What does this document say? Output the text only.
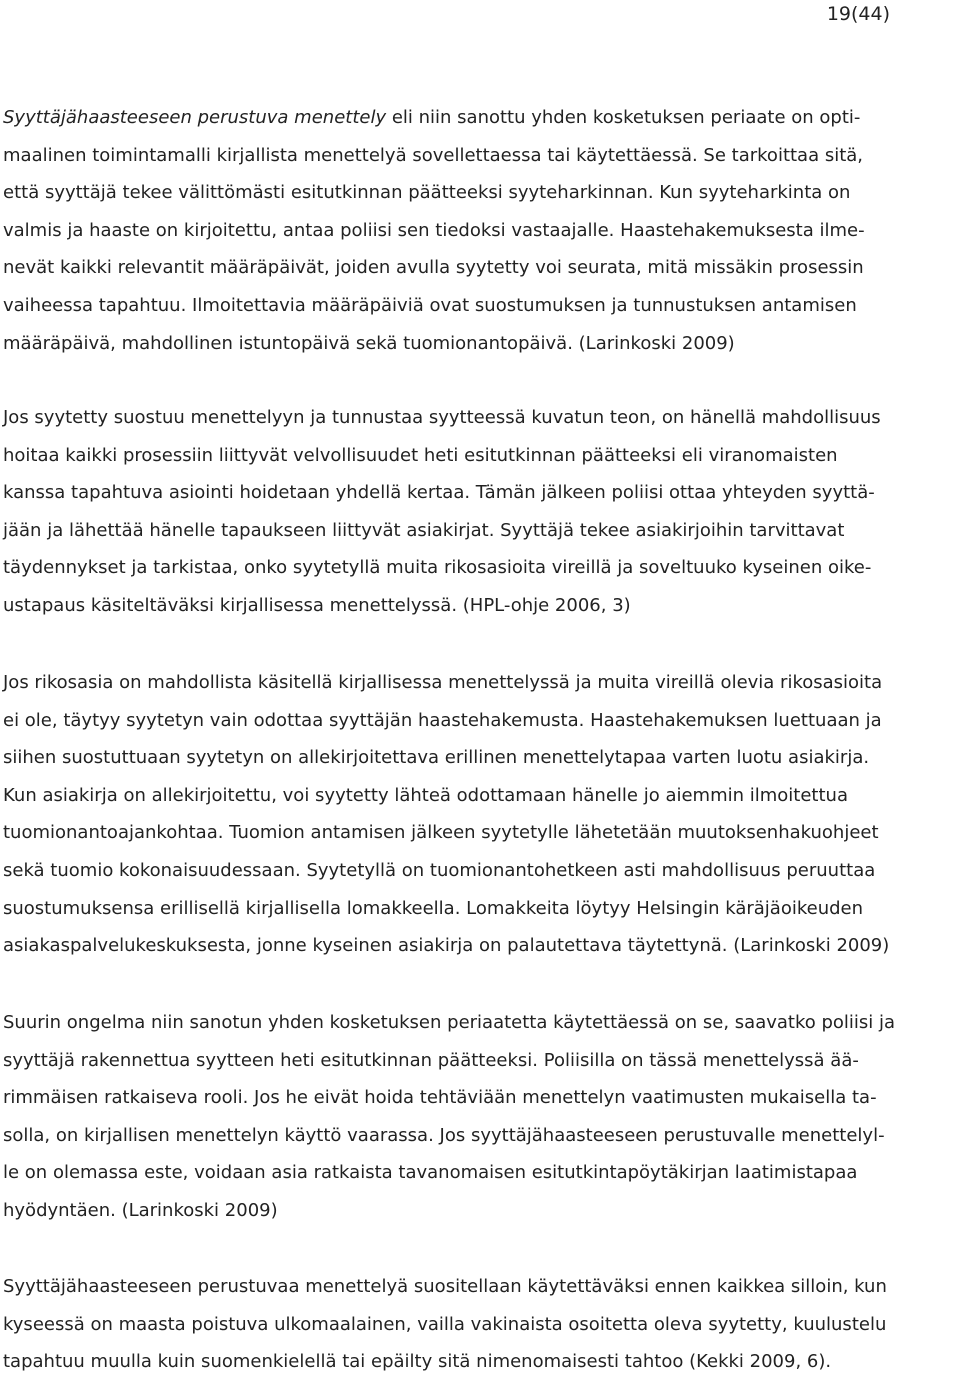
19(44)
Syyttäjähaasteeseen perustuva menettely eli niin sanottu yhden kosketuksen periaate on opti-
maalinen toimintamalli kirjallista menettelyä sovellettaessa tai käytettäessä. Se tarkoittaa sitä,
että syyttäjä tekee välittömästi esitutkinnan päätteeksi syyteharkinnan. Kun syyteharkinta on
valmis ja haaste on kirjoitettu, antaa poliisi sen tiedoksi vastaajalle. Haastehakemuksesta ilme-
nevät kaikki relevantit määräpäivät, joiden avulla syytetty voi seurata, mitä missäkin prosessin
vaiheessa tapahtuu. Ilmoitettavia määräpäiviä ovat suostumuksen ja tunnustuksen antamisen
määräpäivä, mahdollinen istuntopäivä sekä tuomionantopäivä. (Larinkoski 2009)
Jos syytetty suostuu menettelyyn ja tunnustaa syytteessä kuvatun teon, on hänellä mahdollisuus
hoitaa kaikki prosessiin liittyvät velvollisuudet heti esitutkinnan päätteeksi eli viranomaisten
kanssa tapahtuva asiointi hoidetaan yhdellä kertaa. Tämän jälkeen poliisi ottaa yhteyden syyttä-
jään ja lähettää hänelle tapaukseen liittyvät asiakirjat. Syyttäjä tekee asiakirjoihin tarvittavat
täydennykset ja tarkistaa, onko syytetyllä muita rikosasioita vireillä ja soveltuuko kyseinen oike-
ustapaus käsiteltäväksi kirjallisessa menettelyssä. (HPL-ohje 2006, 3)
Jos rikosasia on mahdollista käsitellä kirjallisessa menettelyssä ja muita vireillä olevia rikosasioita
ei ole, täytyy syytetyn vain odottaa syyttäjän haastehakemusta. Haastehakemuksen luettuaan ja
siihen suostuttuaan syytetyn on allekirjoitettava erillinen menettelytapaa varten luotu asiakirja.
Kun asiakirja on allekirjoitettu, voi syytetty lähteä odottamaan hänelle jo aiemmin ilmoitettua
tuomionantoajankohtaa. Tuomion antamisen jälkeen syytetylle lähetetään muutoksenhakuohjeet
sekä tuomio kokonaisuudessaan. Syytetyllä on tuomionantohetkeen asti mahdollisuus peruuttaa
suostumuksensa erillisellä kirjallisella lomakkeella. Lomakkeita löytyy Helsingin käräjäoikeuden
asiakaspalvelukeskuksesta, jonne kyseinen asiakirja on palautettava täytettynä. (Larinkoski 2009)
Suurin ongelma niin sanotun yhden kosketuksen periaatetta käytettäessä on se, saavatko poliisi ja
syyttäjä rakennettua syytteen heti esitutkinnan päätteeksi. Poliisilla on tässä menettelyssä ää-
rimmäisen ratkaiseva rooli. Jos he eivät hoida tehtäviään menettelyn vaatimusten mukaisella ta-
solla, on kirjallisen menettelyn käyttö vaarassa. Jos syyttäjähaasteeseen perustuvalle menettelyl-
le on olemassa este, voidaan asia ratkaista tavanomaisen esitutkintapöytäkirjan laatimistapaa
hyödyntäen. (Larinkoski 2009)
Syyttäjähaasteeseen perustuvaa menettelyä suositellaan käytettäväksi ennen kaikkea silloin, kun
kyseessä on maasta poistuva ulkomaalainen, vailla vakinaista osoitetta oleva syytetty, kuulustelu
tapahtuu muulla kuin suomenkielellä tai epäilty sitä nimenomaisesti tahtoo (Kekki 2009, 6).
